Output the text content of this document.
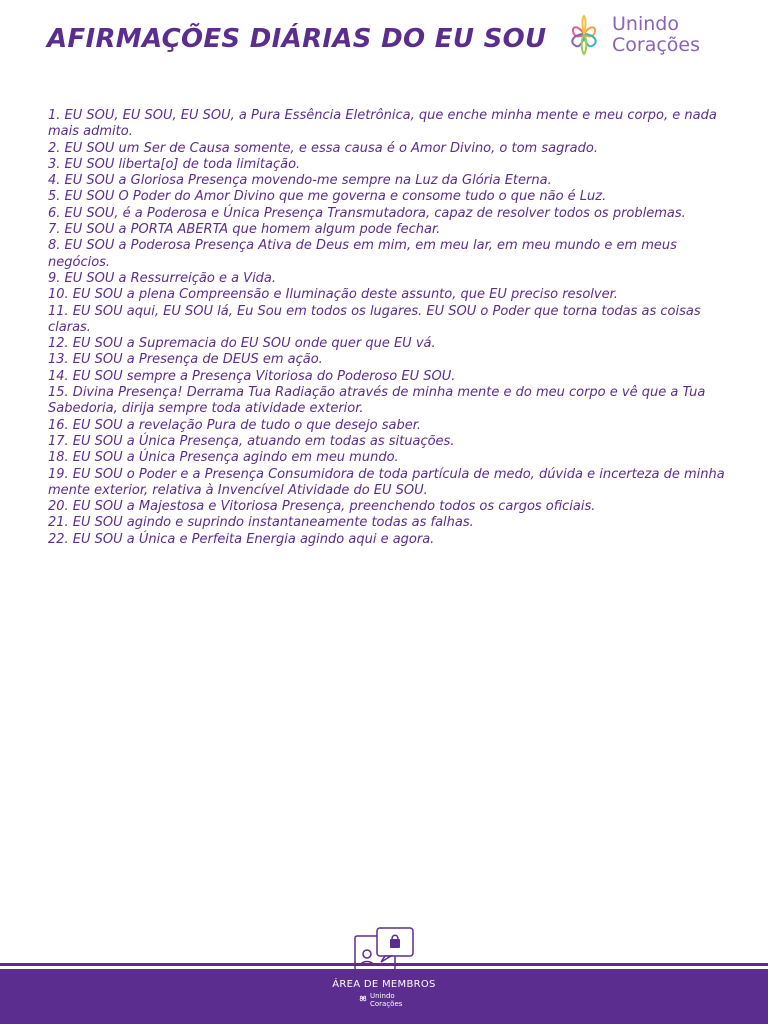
AFIRMAÇÕES DIÁRIAS DO EU SOU	Unindo
Corações
1. EU SOU, EU SOU, EU SOU, a Pura Essência Eletrônica, que enche minha mente e meu corpo, e nada mais admito.
2. EU SOU um Ser de Causa somente, e essa causa é o Amor Divino, o tom sagrado.
3. EU SOU liberta[o] de toda limitação.
4. EU SOU a Gloriosa Presença movendo-me sempre na Luz da Glória Eterna.
5. EU SOU O Poder do Amor Divino que me governa e consome tudo o que não é Luz.
6. EU SOU, é a Poderosa e Única Presença Transmutadora, capaz de resolver todos os problemas.
7. EU SOU a PORTA ABERTA que homem algum pode fechar.
8. EU SOU a Poderosa Presença Ativa de Deus em mim, em meu lar, em meu mundo e em meus negócios.
9. EU SOU a Ressurreição e a Vida.
10. EU SOU a plena Compreensão e Iluminação deste assunto, que EU preciso resolver.
11. EU SOU aqui, EU SOU lá, Eu Sou em todos os lugares. EU SOU o Poder que torna todas as coisas claras.
12. EU SOU a Supremacia do EU SOU onde quer que EU vá.
13. EU SOU a Presença de DEUS em ação.
14. EU SOU sempre a Presença Vitoriosa do Poderoso EU SOU.
15. Divina Presença! Derrama Tua Radiação através de minha mente e do meu corpo e vê que a Tua Sabedoria, dirija sempre toda atividade exterior.
16. EU SOU a revelação Pura de tudo o que desejo saber.
17. EU SOU a Única Presença, atuando em todas as situações.
18. EU SOU a Única Presença agindo em meu mundo.
19. EU SOU o Poder e a Presença Consumidora de toda partícula de medo, dúvida e incerteza de minha mente exterior, relativa à Invencível Atividade do EU SOU.
20. EU SOU a Majestosa e Vitoriosa Presença, preenchendo todos os cargos oficiais.
21. EU SOU agindo e suprindo instantaneamente todas as falhas.
22. EU SOU a Única e Perfeita Energia agindo aqui e agora.
ÁREA DE MEMBROS
Unindo
Corações
